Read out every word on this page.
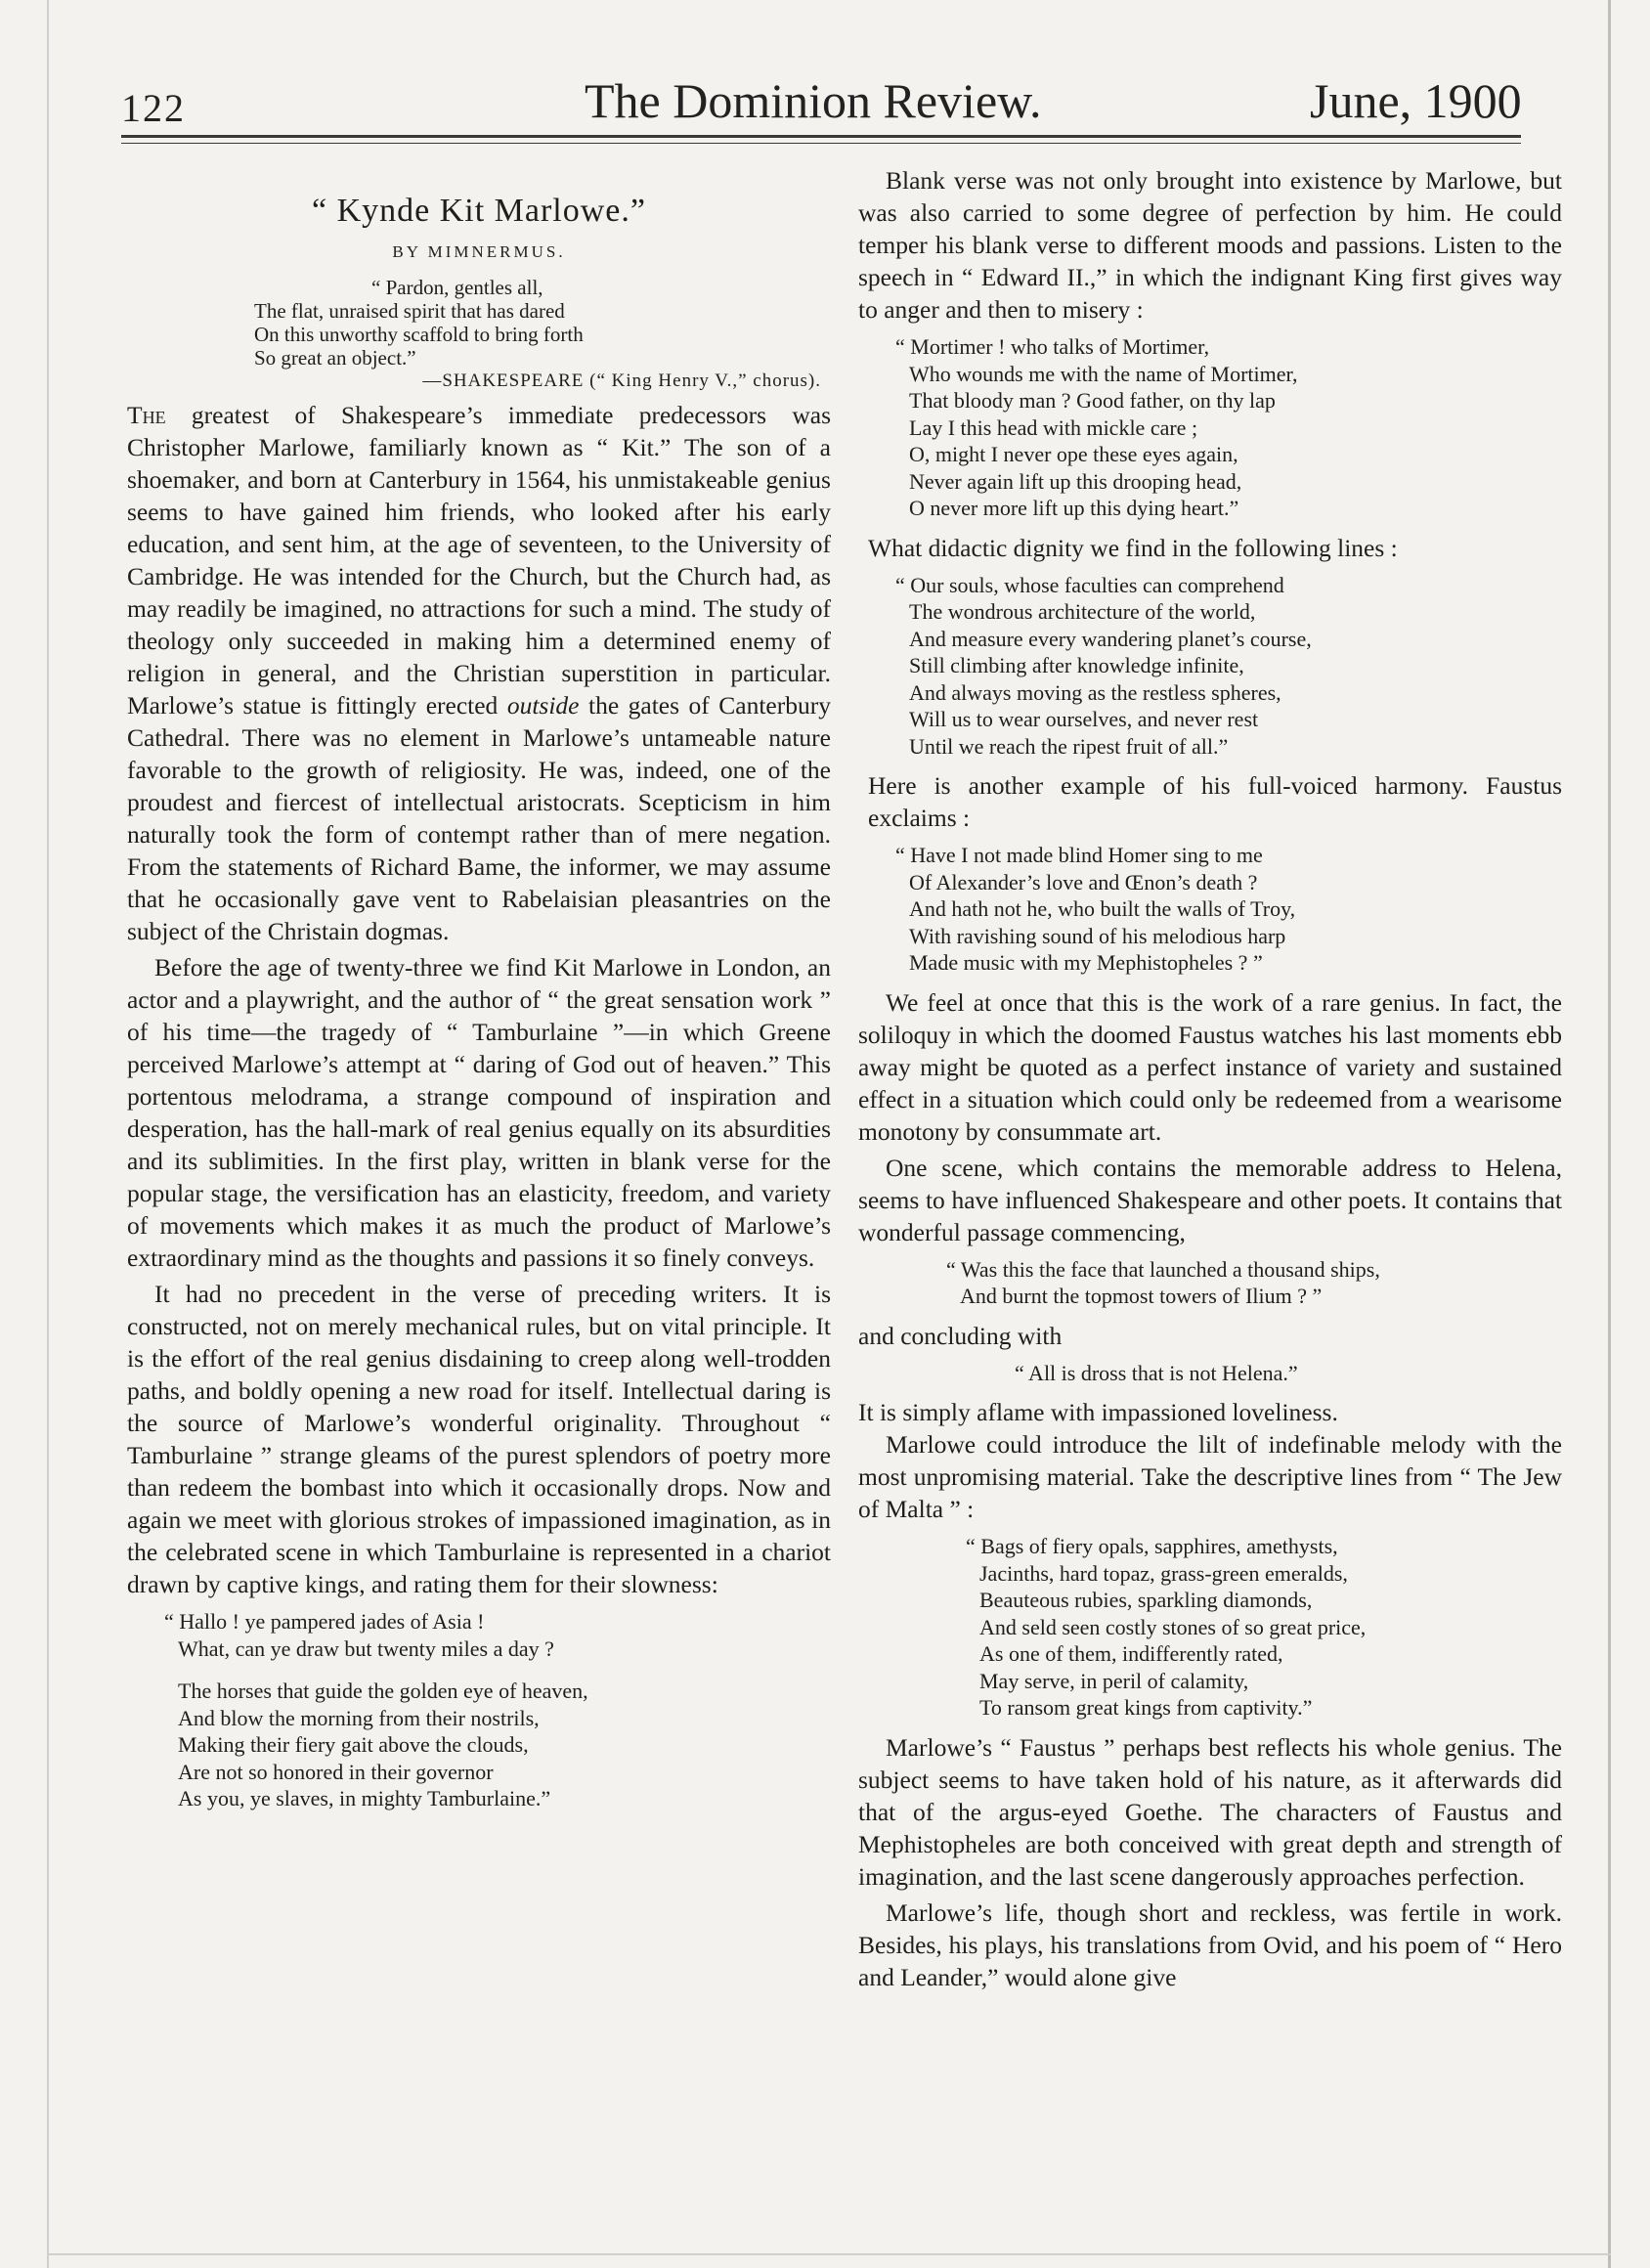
122	The Dominion Review.	June, 1900
“ Kynde Kit Marlowe.”
BY MIMNERMUS.
“ Pardon, gentles all,
The flat, unraised spirit that has dared
On this unworthy scaffold to bring forth
So great an object.”
—SHAKESPEARE (“ King Henry V.,” chorus).

The greatest of Shakespeare’s immediate predecessors was Christopher Marlowe, familiarly known as “ Kit.” The son of a shoemaker, and born at Canterbury in 1564, his unmistakeable genius seems to have gained him friends, who looked after his early education, and sent him, at the age of seventeen, to the University of Cambridge. He was intended for the Church, but the Church had, as may readily be imagined, no attractions for such a mind. The study of theology only succeeded in making him a determined enemy of religion in general, and the Christian superstition in particular. Marlowe’s statue is fittingly erected outside the gates of Canterbury Cathedral. There was no element in Marlowe’s untameable nature favorable to the growth of religiosity. He was, indeed, one of the proudest and fiercest of intellectual aristocrats. Scepticism in him naturally took the form of contempt rather than of mere negation. From the statements of Richard Bame, the informer, we may assume that he occasionally gave vent to Rabelaisian pleasantries on the subject of the Christain dogmas.

Before the age of twenty-three we find Kit Marlowe in London, an actor and a playwright, and the author of “ the great sensation work ” of his time—the tragedy of “ Tamburlaine ”—in which Greene perceived Marlowe’s attempt at “ daring of God out of heaven.” This portentous melodrama, a strange compound of inspiration and desperation, has the hall-mark of real genius equally on its absurdities and its sublimities. In the first play, written in blank verse for the popular stage, the versification has an elasticity, freedom, and variety of movements which makes it as much the product of Marlowe’s extraordinary mind as the thoughts and passions it so finely conveys.

It had no precedent in the verse of preceding writers. It is constructed, not on merely mechanical rules, but on vital principle. It is the effort of the real genius disdaining to creep along well-trodden paths, and boldly opening a new road for itself. Intellectual daring is the source of Marlowe’s wonderful originality. Throughout “ Tamburlaine ” strange gleams of the purest splendors of poetry more than redeem the bombast into which it occasionally drops. Now and again we meet with glorious strokes of impassioned imagination, as in the celebrated scene in which Tamburlaine is represented in a chariot drawn by captive kings, and rating them for their slowness:

“ Hallo ! ye pampered jades of Asia !
What, can ye draw but twenty miles a day ?
The horses that guide the golden eye of heaven,
And blow the morning from their nostrils,
Making their fiery gait above the clouds,
Are not so honored in their governor
As you, ye slaves, in mighty Tamburlaine.”

Blank verse was not only brought into existence by Marlowe, but was also carried to some degree of perfection by him. He could temper his blank verse to different moods and passions. Listen to the speech in “ Edward II.,” in which the indignant King first gives way to anger and then to misery :

“ Mortimer ! who talks of Mortimer,
Who wounds me with the name of Mortimer,
That bloody man ? Good father, on thy lap
Lay I this head with mickle care ;
O, might I never ope these eyes again,
Never again lift up this drooping head,
O never more lift up this dying heart.”

What didactic dignity we find in the following lines :

“ Our souls, whose faculties can comprehend
The wondrous architecture of the world,
And measure every wandering planet’s course,
Still climbing after knowledge infinite,
And always moving as the restless spheres,
Will us to wear ourselves, and never rest
Until we reach the ripest fruit of all.”

Here is another example of his full-voiced harmony. Faustus exclaims :

“ Have I not made blind Homer sing to me
Of Alexander’s love and Œnon’s death ?
And hath not he, who built the walls of Troy,
With ravishing sound of his melodious harp
Made music with my Mephistopheles ? ”

We feel at once that this is the work of a rare genius. In fact, the soliloquy in which the doomed Faustus watches his last moments ebb away might be quoted as a perfect instance of variety and sustained effect in a situation which could only be redeemed from a wearisome monotony by consummate art.

One scene, which contains the memorable address to Helena, seems to have influenced Shakespeare and other poets. It contains that wonderful passage commencing,

“ Was this the face that launched a thousand ships,
And burnt the topmost towers of Ilium ? ”

and concluding with

“ All is dross that is not Helena.”

It is simply aflame with impassioned loveliness.

Marlowe could introduce the lilt of indefinable melody with the most unpromising material. Take the descriptive lines from “ The Jew of Malta ” :

“ Bags of fiery opals, sapphires, amethysts,
Jacinths, hard topaz, grass-green emeralds,
Beauteous rubies, sparkling diamonds,
And seld seen costly stones of so great price,
As one of them, indifferently rated,
May serve, in peril of calamity,
To ransom great kings from captivity.”

Marlowe’s “ Faustus ” perhaps best reflects his whole genius. The subject seems to have taken hold of his nature, as it afterwards did that of the argus-eyed Goethe. The characters of Faustus and Mephistopheles are both conceived with great depth and strength of imagination, and the last scene dangerously approaches perfection.

Marlowe’s life, though short and reckless, was fertile in work. Besides, his plays, his translations from Ovid, and his poem of “ Hero and Leander,” would alone give
